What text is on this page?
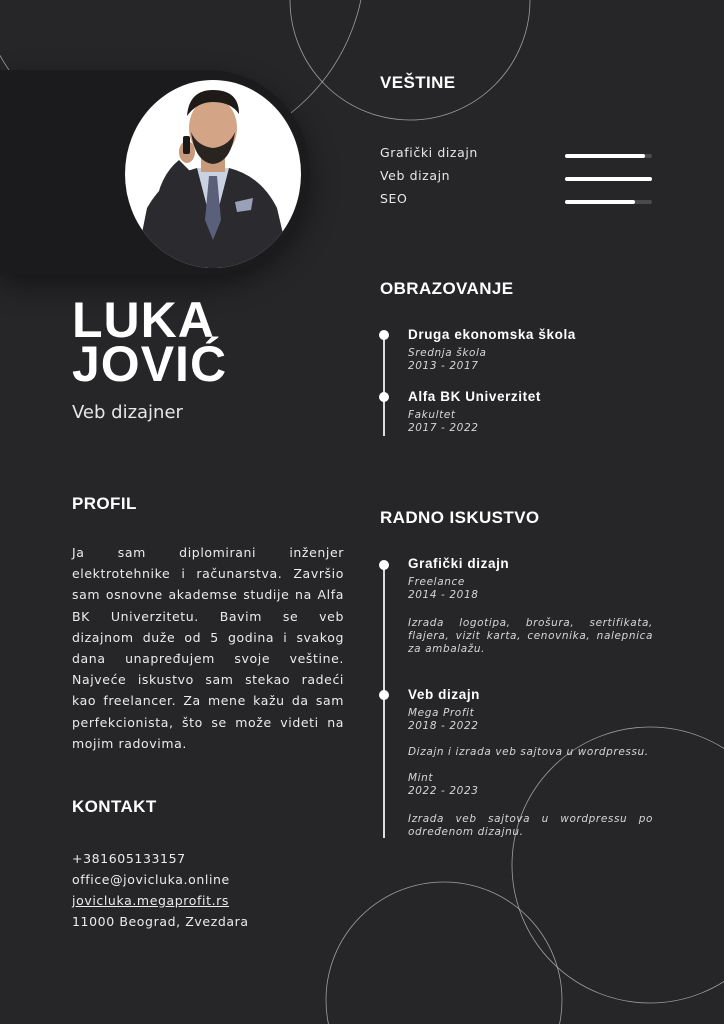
LUKA
JOVIĆ
Veb dizajner
PROFIL
Ja sam diplomirani inženjer elektrotehnike i računarstva. Završio sam osnovne akademse studije na Alfa BK Univerzitetu. Bavim se veb dizajnom duže od 5 godina i svakog dana unapređujem svoje veštine. Najveće iskustvo sam stekao radeći kao freelancer. Za mene kažu da sam perfekcionista, što se može videti na mojim radovima.
KONTAKT
+381605133157
office@jovicluka.online
jovicluka.megaprofit.rs
11000 Beograd, Zvezdara
VEŠTINE
Grafički dizajn
Veb dizajn
SEO
OBRAZOVANJE
Druga ekonomska škola
Srednja škola
2013 - 2017
Alfa BK Univerzitet
Fakultet
2017 - 2022
RADNO ISKUSTVO
Grafički dizajn
Freelance
2014 - 2018
Izrada logotipa, brošura, sertifikata, flajera, vizit karta, cenovnika, nalepnica za ambalažu.
Veb dizajn
Mega Profit
2018 - 2022
Dizajn i izrada veb sajtova u wordpressu.
Mint
2022 - 2023
Izrada veb sajtova u wordpressu po određenom dizajnu.
